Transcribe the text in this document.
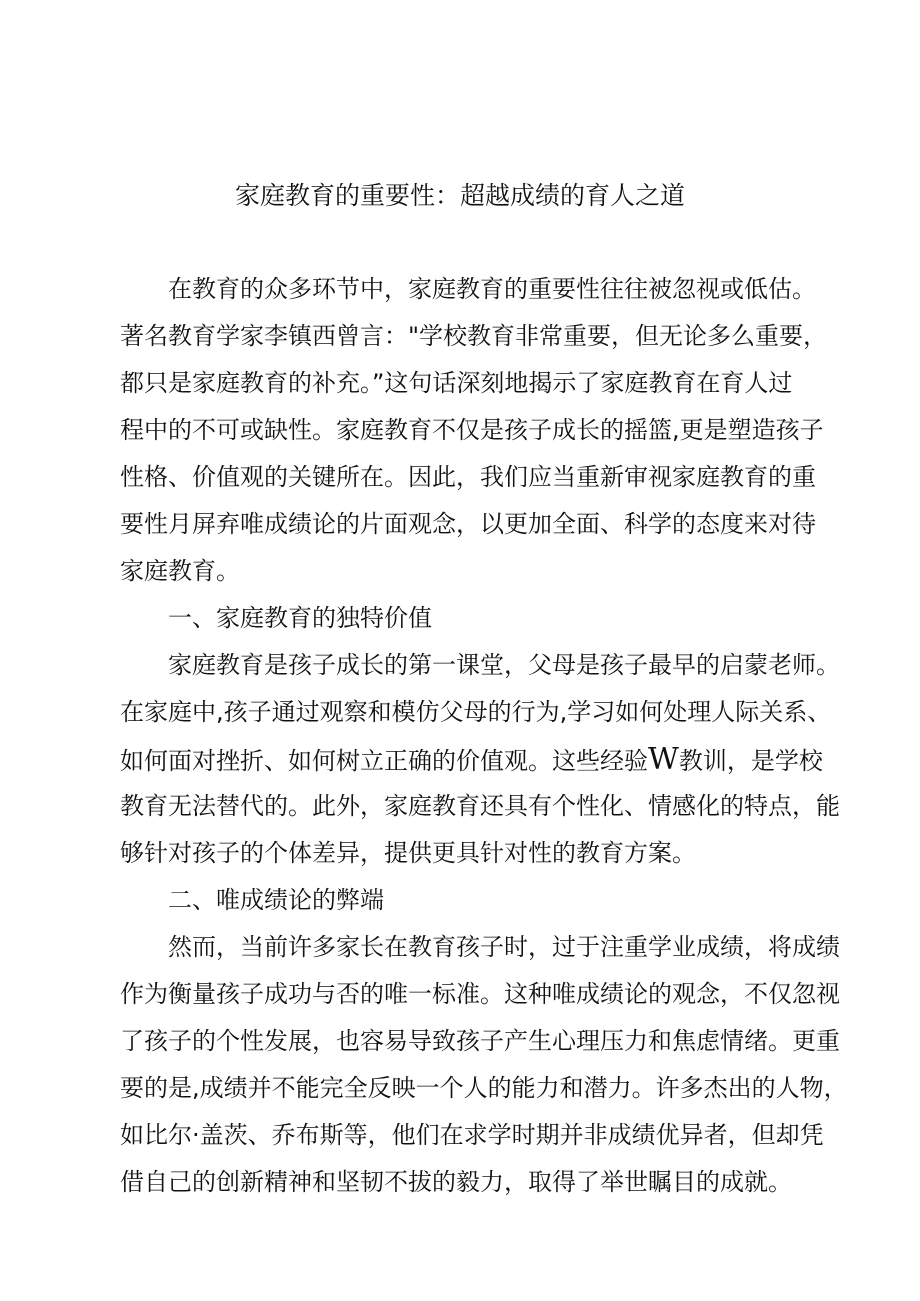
家庭教育的重要性：超越成绩的育人之道
在教育的众多环节中，家庭教育的重要性往往被忽视或低估。
著名教育学家李镇西曾言："学校教育非常重要，但无论多么重要，
都只是家庭教育的补充。”这句话深刻地揭示了家庭教育在育人过
程中的不可或缺性。家庭教育不仅是孩子成长的摇篮,更是塑造孩子
性格、价值观的关键所在。因此，我们应当重新审视家庭教育的重
要性月屏弃唯成绩论的片面观念，以更加全面、科学的态度来对待
家庭教育。
一、家庭教育的独特价值
家庭教育是孩子成长的第一课堂，父母是孩子最早的启蒙老师。
在家庭中,孩子通过观察和模仿父母的行为,学习如何处理人际关系、
如何面对挫折、如何树立正确的价值观。这些经验W教训，是学校
教育无法替代的。此外，家庭教育还具有个性化、情感化的特点，能
够针对孩子的个体差异，提供更具针对性的教育方案。
二、唯成绩论的弊端
然而，当前许多家长在教育孩子时，过于注重学业成绩，将成绩
作为衡量孩子成功与否的唯一标准。这种唯成绩论的观念，不仅忽视
了孩子的个性发展，也容易导致孩子产生心理压力和焦虑情绪。更重
要的是,成绩并不能完全反映一个人的能力和潜力。许多杰出的人物，
如比尔·盖茨、乔布斯等，他们在求学时期并非成绩优异者，但却凭
借自己的创新精神和坚韧不拔的毅力，取得了举世瞩目的成就。
